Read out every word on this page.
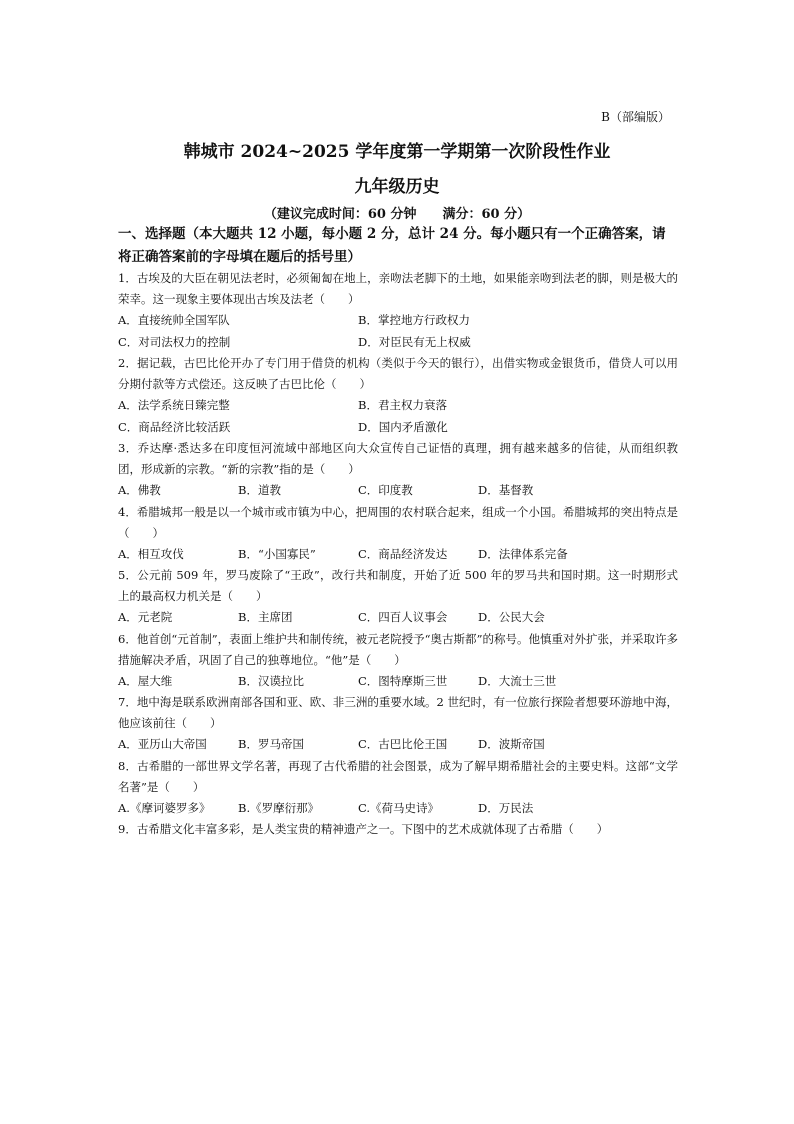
B（部编版）
韩城市 2024~2025 学年度第一学期第一次阶段性作业
九年级历史
（建议完成时间：60 分钟　　满分：60 分）
一、选择题（本大题共 12 小题，每小题 2 分，总计 24 分。每小题只有一个正确答案，请将正确答案前的字母填在题后的括号里）
1．古埃及的大臣在朝见法老时，必须匍匐在地上，亲吻法老脚下的土地，如果能亲吻到法老的脚，则是极大的荣幸。这一现象主要体现出古埃及法老（　　）
A．直接统帅全国军队	B．掌控地方行政权力
C．对司法权力的控制	D．对臣民有无上权威
2．据记载，古巴比伦开办了专门用于借贷的机构（类似于今天的银行），出借实物或金银货币，借贷人可以用分期付款等方式偿还。这反映了古巴比伦（　　）
A．法学系统日臻完整	B．君主权力衰落
C．商品经济比较活跃	D．国内矛盾激化
3．乔达摩·悉达多在印度恒河流域中部地区向大众宣传自己证悟的真理，拥有越来越多的信徒，从而组织教团，形成新的宗教。“新的宗教”指的是（　　）
A．佛教	B．道教	C．印度教	D．基督教
4．希腊城邦一般是以一个城市或市镇为中心，把周围的农村联合起来，组成一个小国。希腊城邦的突出特点是（　　）
A．相互攻伐	B．“小国寡民”	C．商品经济发达	D．法律体系完备
5．公元前 509 年，罗马废除了“王政”，改行共和制度，开始了近 500 年的罗马共和国时期。这一时期形式上的最高权力机关是（　　）
A．元老院	B．主席团	C．四百人议事会	D．公民大会
6．他首创“元首制”，表面上维护共和制传统，被元老院授予“奥古斯都”的称号。他慎重对外扩张，并采取许多措施解决矛盾，巩固了自己的独尊地位。“他”是（　　）
A．屋大维	B．汉谟拉比	C．图特摩斯三世	D．大流士三世
7．地中海是联系欧洲南部各国和亚、欧、非三洲的重要水域。2 世纪时，有一位旅行探险者想要环游地中海，他应该前往（　　）
A．亚历山大帝国	B．罗马帝国	C．古巴比伦王国	D．波斯帝国
8．古希腊的一部世界文学名著，再现了古代希腊的社会图景，成为了解早期希腊社会的主要史料。这部“文学名著”是（　　）
A.《摩诃婆罗多》	B.《罗摩衍那》	C.《荷马史诗》	D．万民法
9．古希腊文化丰富多彩，是人类宝贵的精神遗产之一。下图中的艺术成就体现了古希腊（　　）
